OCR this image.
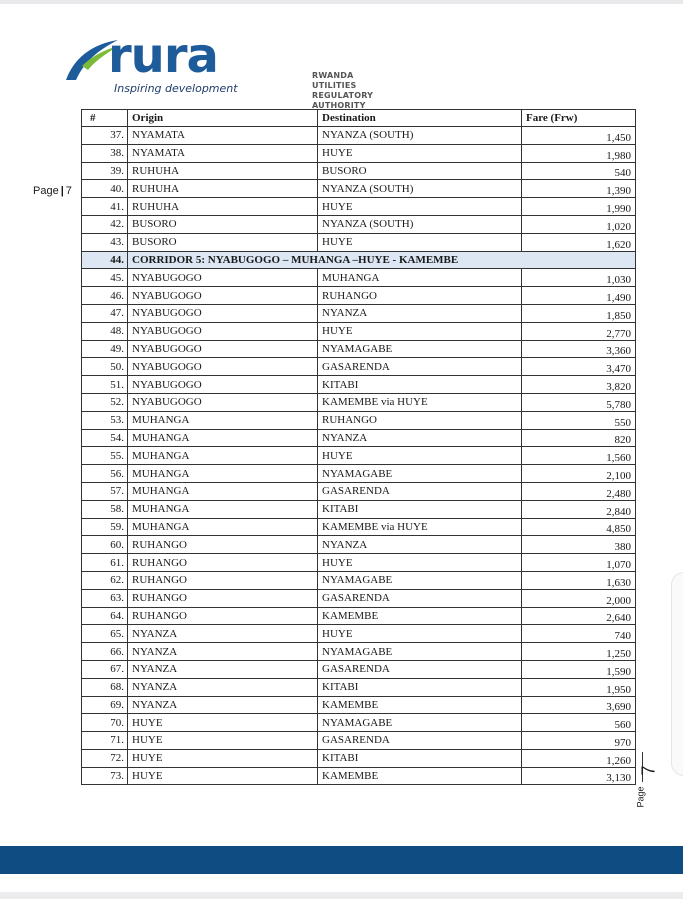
rura
Inspiring development
RWANDA
UTILITIES
REGULATORY
AUTHORITY
Page | 7
#	Origin	Destination	Fare (Frw)
37.	NYAMATA	NYANZA (SOUTH)	1,450
38.	NYAMATA	HUYE	1,980
39.	RUHUHA	BUSORO	540
40.	RUHUHA	NYANZA (SOUTH)	1,390
41.	RUHUHA	HUYE	1,990
42.	BUSORO	NYANZA (SOUTH)	1,020
43.	BUSORO	HUYE	1,620
44.	CORRIDOR 5: NYABUGOGO – MUHANGA –HUYE - KAMEMBE		
45.	NYABUGOGO	MUHANGA	1,030
46.	NYABUGOGO	RUHANGO	1,490
47.	NYABUGOGO	NYANZA	1,850
48.	NYABUGOGO	HUYE	2,770
49.	NYABUGOGO	NYAMAGABE	3,360
50.	NYABUGOGO	GASARENDA	3,470
51.	NYABUGOGO	KITABI	3,820
52.	NYABUGOGO	KAMEMBE via HUYE	5,780
53.	MUHANGA	RUHANGO	550
54.	MUHANGA	NYANZA	820
55.	MUHANGA	HUYE	1,560
56.	MUHANGA	NYAMAGABE	2,100
57.	MUHANGA	GASARENDA	2,480
58.	MUHANGA	KITABI	2,840
59.	MUHANGA	KAMEMBE via HUYE	4,850
60.	RUHANGO	NYANZA	380
61.	RUHANGO	HUYE	1,070
62.	RUHANGO	NYAMAGABE	1,630
63.	RUHANGO	GASARENDA	2,000
64.	RUHANGO	KAMEMBE	2,640
65.	NYANZA	HUYE	740
66.	NYANZA	NYAMAGABE	1,250
67.	NYANZA	GASARENDA	1,590
68.	NYANZA	KITABI	1,950
69.	NYANZA	KAMEMBE	3,690
70.	HUYE	NYAMAGABE	560
71.	HUYE	GASARENDA	970
72.	HUYE	KITABI	1,260
73.	HUYE	KAMEMBE	3,130
7
Page
